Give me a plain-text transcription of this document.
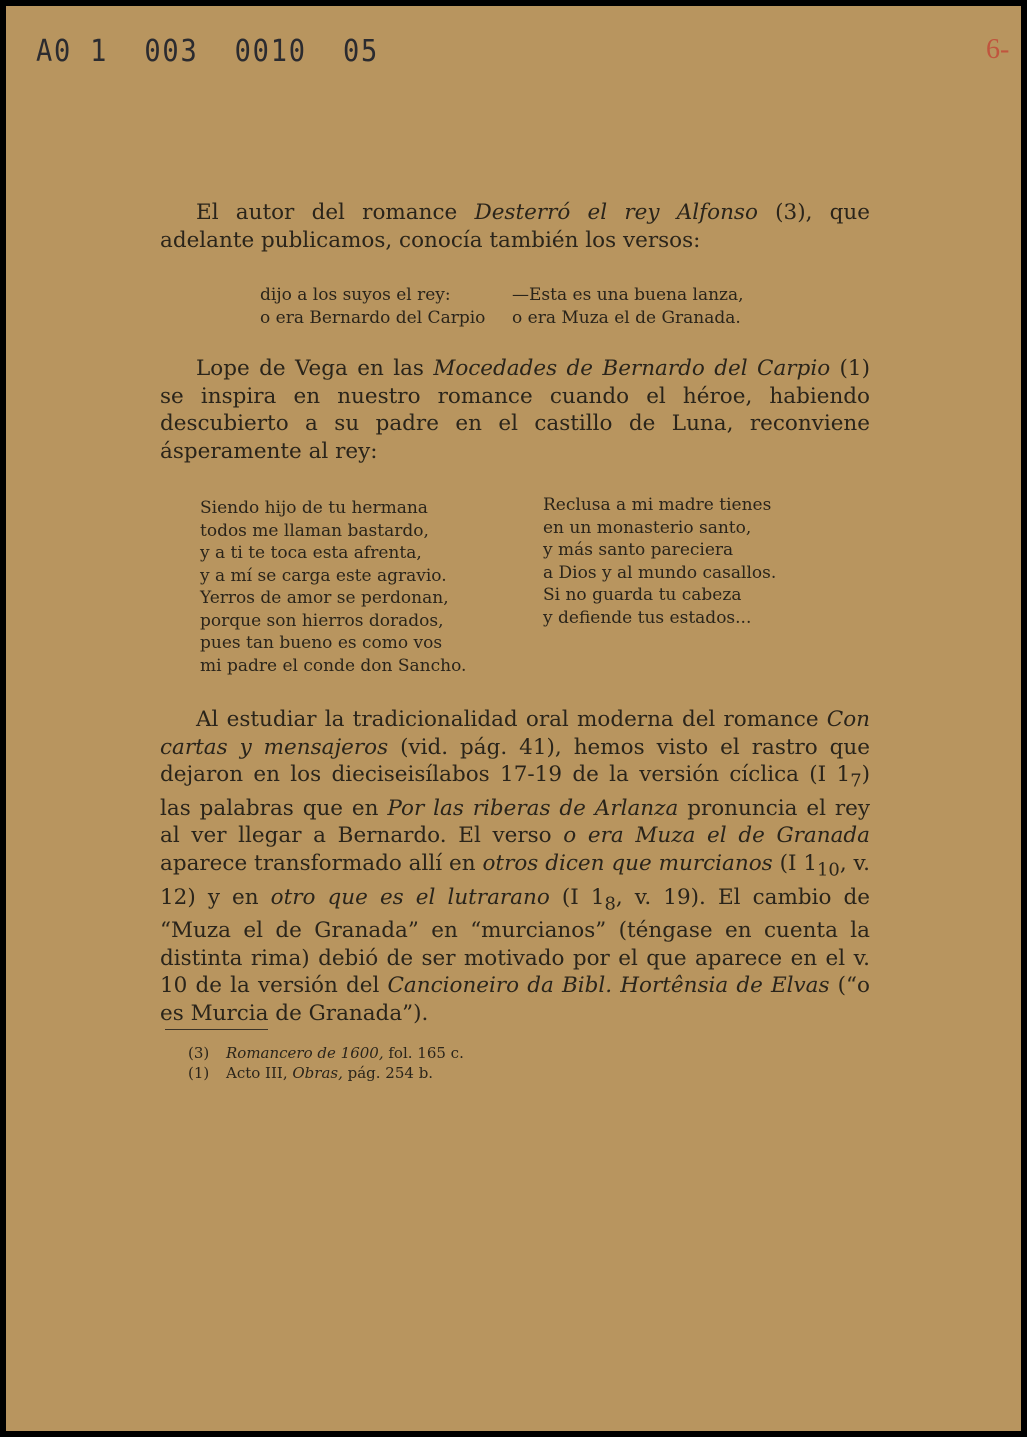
A0 1  003  0010  05	6-

El autor del romance Desterró el rey Alfonso (3), que adelante publicamos, conocía también los versos:

dijo a los suyos el rey:
o era Bernardo del Carpio
—Esta es una buena lanza,
o era Muza el de Granada.

Lope de Vega en las Mocedades de Bernardo del Carpio (1) se inspira en nuestro romance cuando el héroe, habiendo descubierto a su padre en el castillo de Luna, reconviene ásperamente al rey:

Siendo hijo de tu hermana
todos me llaman bastardo,
y a ti te toca esta afrenta,
y a mí se carga este agravio.
Yerros de amor se perdonan,
porque son hierros dorados,
pues tan bueno es como vos
mi padre el conde don Sancho.
Reclusa a mi madre tienes
en un monasterio santo,
y más santo pareciera
a Dios y al mundo casallos.
Si no guarda tu cabeza
y defiende tus estados...

Al estudiar la tradicionalidad oral moderna del romance Con cartas y mensajeros (vid. pág. 41), hemos visto el rastro que dejaron en los dieciseisílabos 17-19 de la versión cíclica (I $1_7$) las palabras que en Por las riberas de Arlanza pronuncia el rey al ver llegar a Bernardo. El verso o era Muza el de Granada aparece transformado allí en otros dicen que murcianos (I $1_{10}$, v. 12) y en otro que es el lutrarano (I $1_8$, v. 19). El cambio de “Muza el de Granada” en “murcianos” (téngase en cuenta la distinta rima) debió de ser motivado por el que aparece en el v. 10 de la versión del Cancioneiro da Bibl. Hortênsia de Elvas (“o es Murcia de Granada”).

(3) Romancero de 1600, fol. 165 c.
(1) Acto III, Obras, pág. 254 b.
